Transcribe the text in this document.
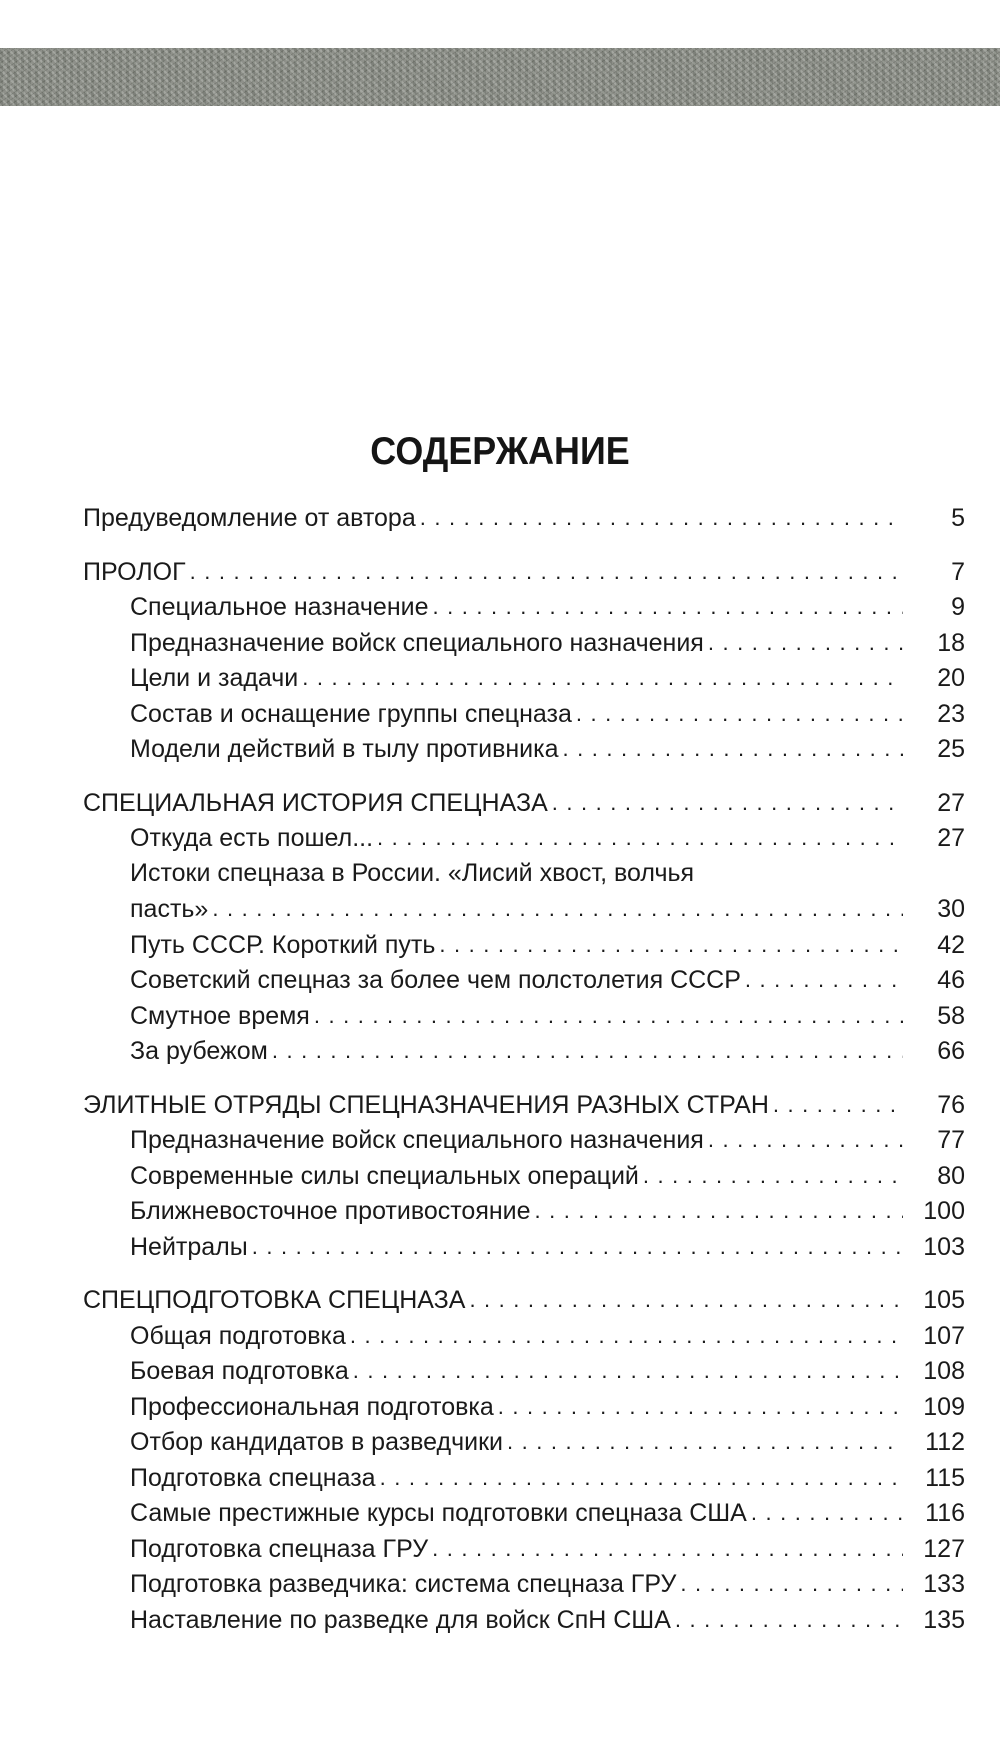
СОДЕРЖАНИЕ
Предуведомление от автора . . .	5
ПРОЛОГ . . .	7
Специальное назначение . . .	9
Предназначение войск специального назначения . . .	18
Цели и задачи . . .	20
Состав и оснащение группы спецназа . . .	23
Модели действий в тылу противника . . .	25
СПЕЦИАЛЬНАЯ ИСТОРИЯ СПЕЦНАЗА . . .	27
Откуда есть пошел... . . .	27
Истоки спецназа в России. «Лисий хвост, волчья
пасть» . . .	30
Путь СССР. Короткий путь . . .	42
Советский спецназ за более чем полстолетия СССР . . .	46
Смутное время . . .	58
За рубежом . . .	66
ЭЛИТНЫЕ ОТРЯДЫ СПЕЦНАЗНАЧЕНИЯ РАЗНЫХ СТРАН . . .	76
Предназначение войск специального назначения . . .	77
Современные силы специальных операций . . .	80
Ближневосточное противостояние . . .	100
Нейтралы . . .	103
СПЕЦПОДГОТОВКА СПЕЦНАЗА . . .	105
Общая подготовка . . .	107
Боевая подготовка . . .	108
Профессиональная подготовка . . .	109
Отбор кандидатов в разведчики . . .	112
Подготовка спецназа . . .	115
Самые престижные курсы подготовки спецназа США . . .	116
Подготовка спецназа ГРУ . . .	127
Подготовка разведчика: система спецназа ГРУ . . .	133
Наставление по разведке для войск СпН США . . .	135
